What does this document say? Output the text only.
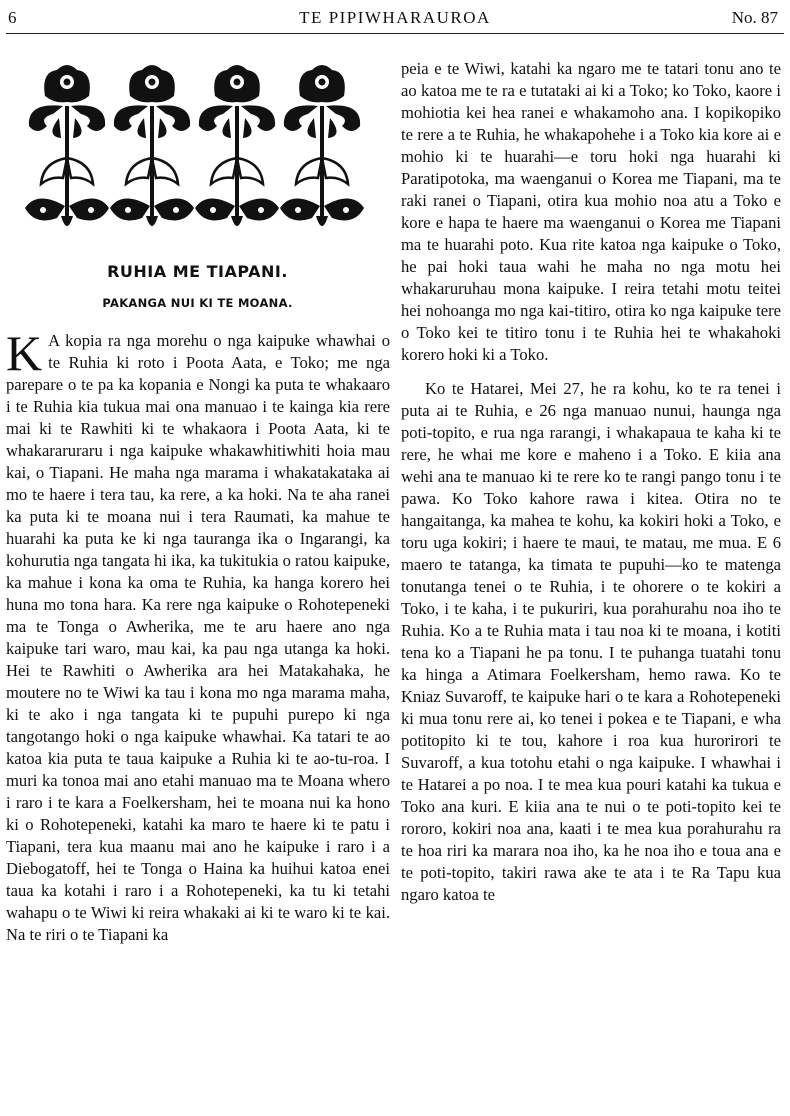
6	TE PIPIWHARAUROA	No. 87
RUHIA ME TIAPANI.
PAKANGA NUI KI TE MOANA.

K A kopia ra nga morehu o nga kaipuke whawhai o te Ruhia ki roto i Poota Aata, e Toko; me nga parepare o te pa ka kopania e Nongi ka puta te whakaaro i te Ruhia kia tukua mai ona manuao i te kainga kia rere mai ki te Rawhiti ki te whakaora i Poota Aata, ki te whakararuraru i nga kaipuke whakawhitiwhiti hoia mau kai, o Tiapani. He maha nga marama i whakatakataka ai mo te haere i tera tau, ka rere, a ka hoki. Na te aha ranei ka puta ki te moana nui i tera Raumati, ka mahue te huarahi ka puta ke ki nga tauranga ika o Ingarangi, ka kohurutia nga tangata hi ika, ka tukitukia o ratou kaipuke, ka mahue i kona ka oma te Ruhia, ka hanga korero hei huna mo tona hara. Ka rere nga kaipuke o Rohotepeneki ma te Tonga o Awherika, me te aru haere ano nga kaipuke tari waro, mau kai, ka pau nga utanga ka hoki. Hei te Rawhiti o Awherika ara hei Matakahaka, he moutere no te Wiwi ka tau i kona mo nga marama maha, ki te ako i nga tangata ki te pupuhi purepo ki nga tangotango hoki o nga kaipuke whawhai. Ka tatari te ao katoa kia puta te taua kaipuke a Ruhia ki te ao-tu-roa. I muri ka tonoa mai ano etahi manuao ma te Moana whero i raro i te kara a Foelkersham, hei te moana nui ka hono ki o Rohotepeneki, katahi ka maro te haere ki te patu i Tiapani, tera kua maanu mai ano he kaipuke i raro i a Diebogatoff, hei te Tonga o Haina ka huihui katoa enei taua ka kotahi i raro i a Rohotepeneki, ka tu ki tetahi wahapu o te Wiwi ki reira whakaki ai ki te waro ki te kai. Na te riri o te Tiapani ka

peia e te Wiwi, katahi ka ngaro me te tatari tonu ano te ao katoa me te ra e tutataki ai ki a Toko; ko Toko, kaore i mohiotia kei hea ranei e whakamoho ana. I kopikopiko te rere a te Ruhia, he whakapohehe i a Toko kia kore ai e mohio ki te huarahi—e toru hoki nga huarahi ki Paratipotoka, ma waenganui o Korea me Tiapani, ma te raki ranei o Tiapani, otira kua mohio noa atu a Toko e kore e hapa te haere ma waenganui o Korea me Tiapani ma te huarahi poto. Kua rite katoa nga kaipuke o Toko, he pai hoki taua wahi he maha no nga motu hei whakaruruhau mona kaipuke. I reira tetahi motu teitei hei nohoanga mo nga kai-titiro, otira ko nga kaipuke tere o Toko kei te titiro tonu i te Ruhia hei te whakahoki korero hoki ki a Toko.

Ko te Hatarei, Mei 27, he ra kohu, ko te ra tenei i puta ai te Ruhia, e 26 nga manuao nunui, haunga nga poti-topito, e rua nga rarangi, i whakapaua te kaha ki te rere, he whai me kore e maheno i a Toko. E kiia ana wehi ana te manuao ki te rere ko te rangi pango tonu i te pawa. Ko Toko kahore rawa i kitea. Otira no te hangaitanga, ka mahea te kohu, ka kokiri hoki a Toko, e toru uga kokiri; i haere te maui, te matau, me mua. E 6 maero te tatanga, ka timata te pupuhi—ko te matenga tonutanga tenei o te Ruhia, i te ohorere o te kokiri a Toko, i te kaha, i te pukuriri, kua porahurahu noa iho te Ruhia. Ko a te Ruhia mata i tau noa ki te moana, i kotiti tena ko a Tiapani he pa tonu. I te puhanga tuatahi tonu ka hinga a Atimara Foelkersham, hemo rawa. Ko te Kniaz Suvaroff, te kaipuke hari o te kara a Rohotepeneki ki mua tonu rere ai, ko tenei i pokea e te Tiapani, e wha potitopito ki te tou, kahore i roa kua hurorirori te Suvaroff, a kua totohu etahi o nga kaipuke. I whawhai i te Hatarei a po noa. I te mea kua pouri katahi ka tukua e Toko ana kuri. E kiia ana te nui o te poti-topito kei te rororo, kokiri noa ana, kaati i te mea kua porahurahu ra te hoa riri ka marara noa iho, ka he noa iho e toua ana e te poti-topito, takiri rawa ake te ata i te Ra Tapu kua ngaro katoa te
